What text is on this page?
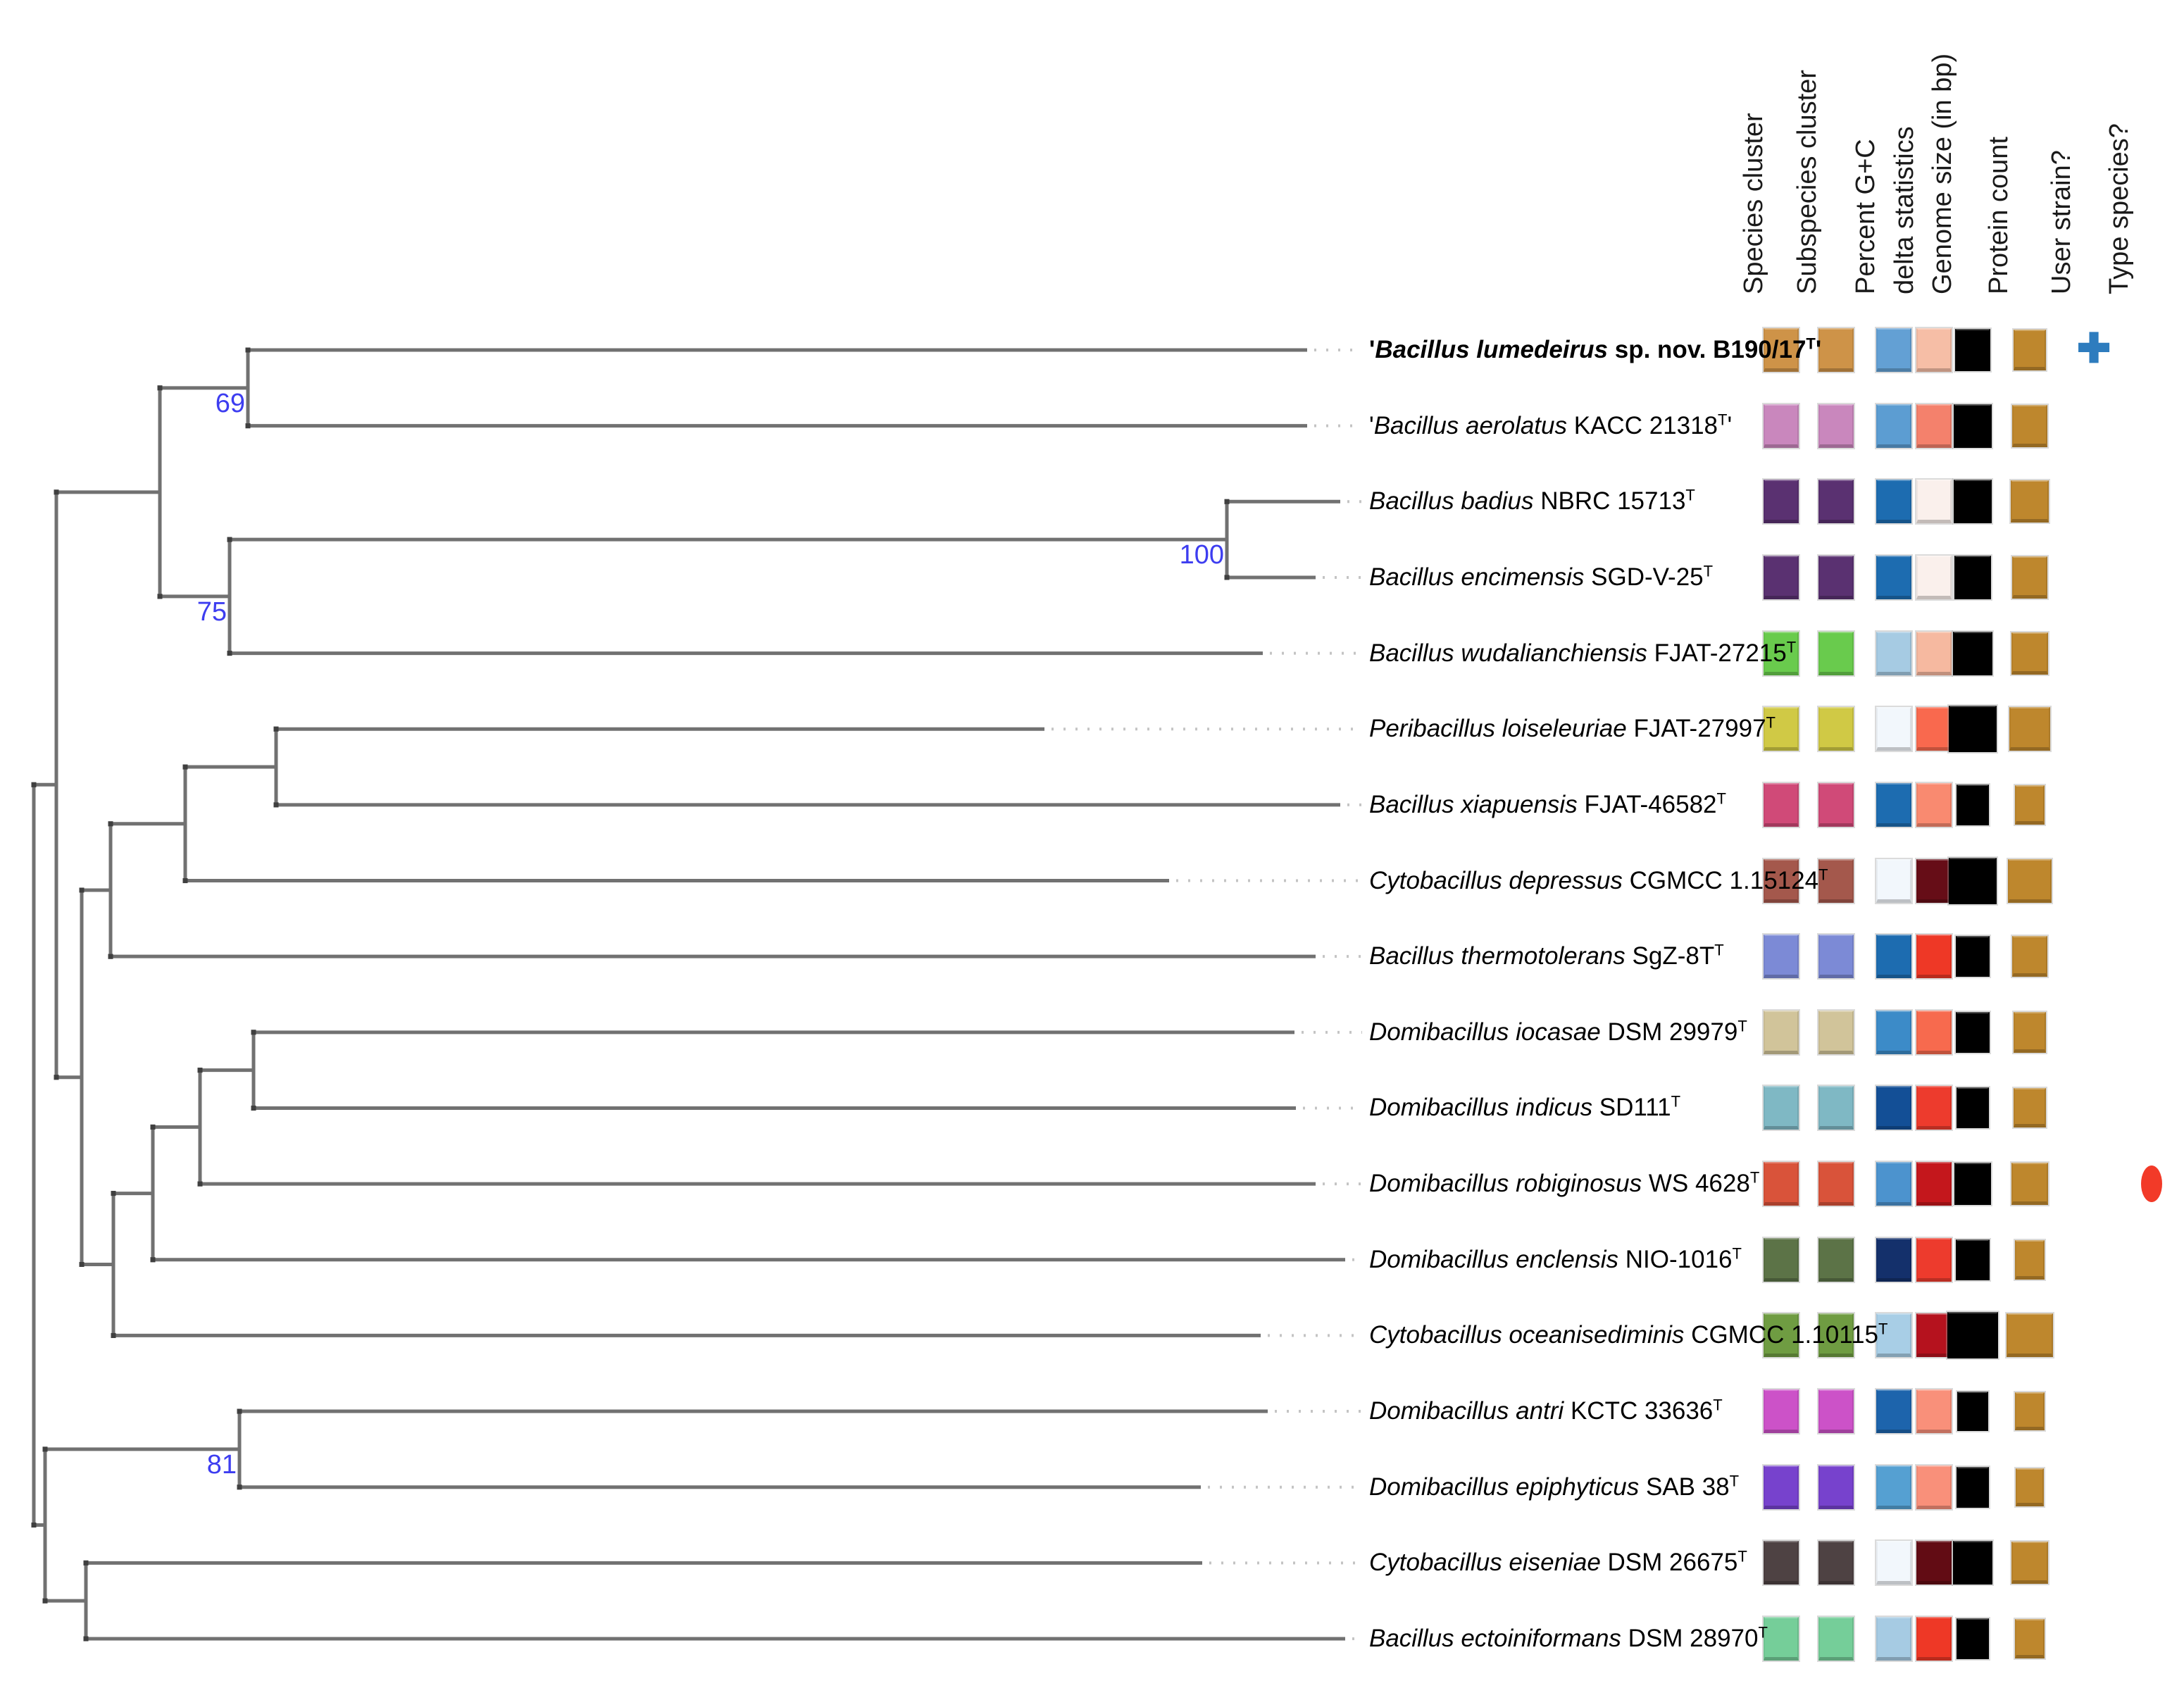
69
100
75
81
Species cluster Subspecies cluster Percent G+C delta statistics Genome size (in bp) Protein count User strain? Type species?
'Bacillus lumedeirus sp. nov. $B190/17^T'$	✚
'Bacillus aerolatus KACC $21318^T'$
Bacillus badius NBRC $15713^T$
Bacillus encimensis SGD-$V-25^T$
Bacillus wudalianchiensis FJAT-$27215^T$
Peribacillus loiseleuriae FJAT-$27997^T$
Bacillus xiapuensis FJAT-$46582^T$
Cytobacillus depressus CGMCC $1.15124^T$
Bacillus thermotolerans SgZ-$8T^T$
Domibacillus iocasae DSM $29979^T$
Domibacillus indicus $SD111^T$
Domibacillus robiginosus WS $4628^T$
Domibacillus enclensis NIO-$1016^T$
Cytobacillus oceanisediminis CGMCC $1.10115^T$
Domibacillus antri KCTC $33636^T$
Domibacillus epiphyticus SAB $38^T$
Cytobacillus eiseniae DSM $26675^T$
Bacillus ectoiniformans DSM $28970^T$
